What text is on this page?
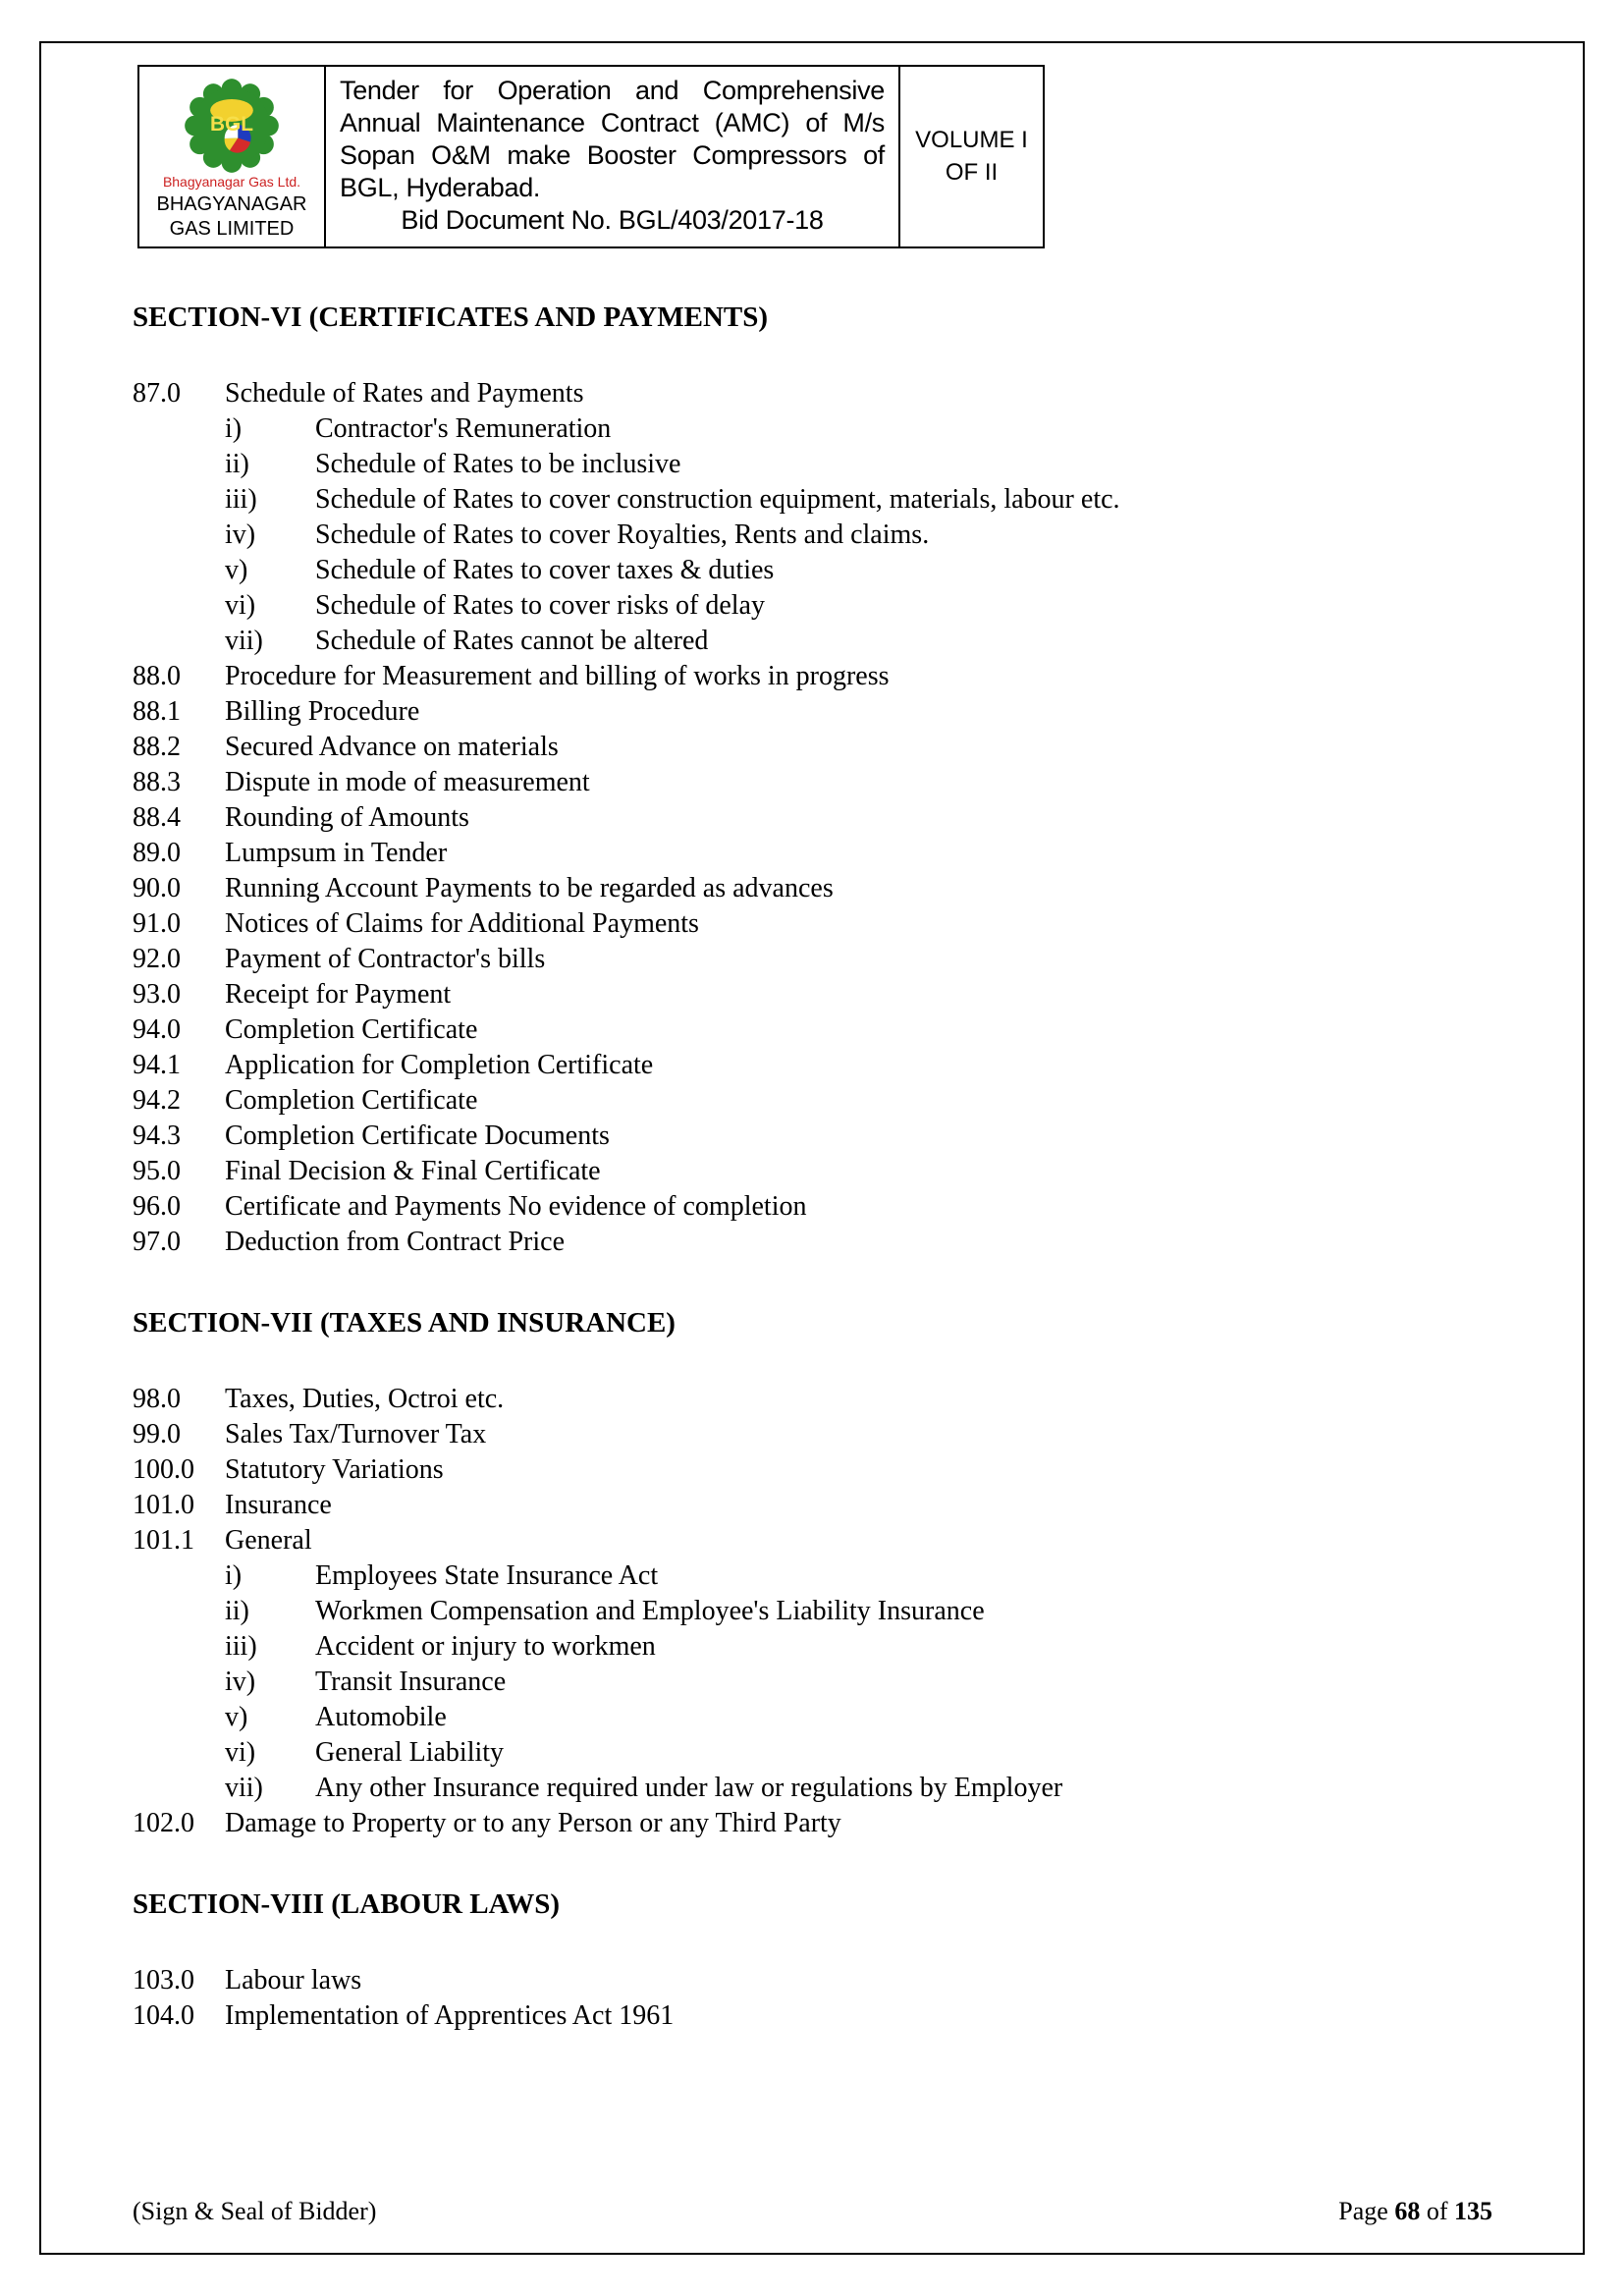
BGL
Bhagyanagar Gas Ltd.
BHAGYANAGAR GAS LIMITED
Tender for Operation and Comprehensive Annual Maintenance Contract (AMC) of M/s Sopan O&M make Booster Compressors of BGL, Hyderabad.
Bid Document No. BGL/403/2017-18
VOLUME I
OF II
SECTION-VI (CERTIFICATES AND PAYMENTS)
87.0	Schedule of Rates and Payments
i)	Contractor's Remuneration
ii)	Schedule of Rates to be inclusive
iii)	Schedule of Rates to cover construction equipment, materials, labour etc.
iv)	Schedule of Rates to cover Royalties, Rents and claims.
v)	Schedule of Rates to cover taxes & duties
vi)	Schedule of Rates to cover risks of delay
vii)	Schedule of Rates cannot be altered
88.0	Procedure for Measurement and billing of works in progress
88.1	Billing Procedure
88.2	Secured Advance on materials
88.3	Dispute in mode of measurement
88.4	Rounding of Amounts
89.0	Lumpsum in Tender
90.0	Running Account Payments to be regarded as advances
91.0	Notices of Claims for Additional Payments
92.0	Payment of Contractor's bills
93.0	Receipt for Payment
94.0	Completion Certificate
94.1	Application for Completion Certificate
94.2	Completion Certificate
94.3	Completion Certificate Documents
95.0	Final Decision & Final Certificate
96.0	Certificate and Payments No evidence of completion
97.0	Deduction from Contract Price
SECTION-VII (TAXES AND INSURANCE)
98.0	Taxes, Duties, Octroi etc.
99.0	Sales Tax/Turnover Tax
100.0	Statutory Variations
101.0	Insurance
101.1	General
i)	Employees State Insurance Act
ii)	Workmen Compensation and Employee's Liability Insurance
iii)	Accident or injury to workmen
iv)	Transit Insurance
v)	Automobile
vi)	General Liability
vii)	Any other Insurance required under law or regulations by Employer
102.0	Damage to Property or to any Person or any Third Party
SECTION-VIII (LABOUR LAWS)
103.0	Labour laws
104.0	Implementation of Apprentices Act 1961
(Sign & Seal of Bidder)	Page 68 of 135
